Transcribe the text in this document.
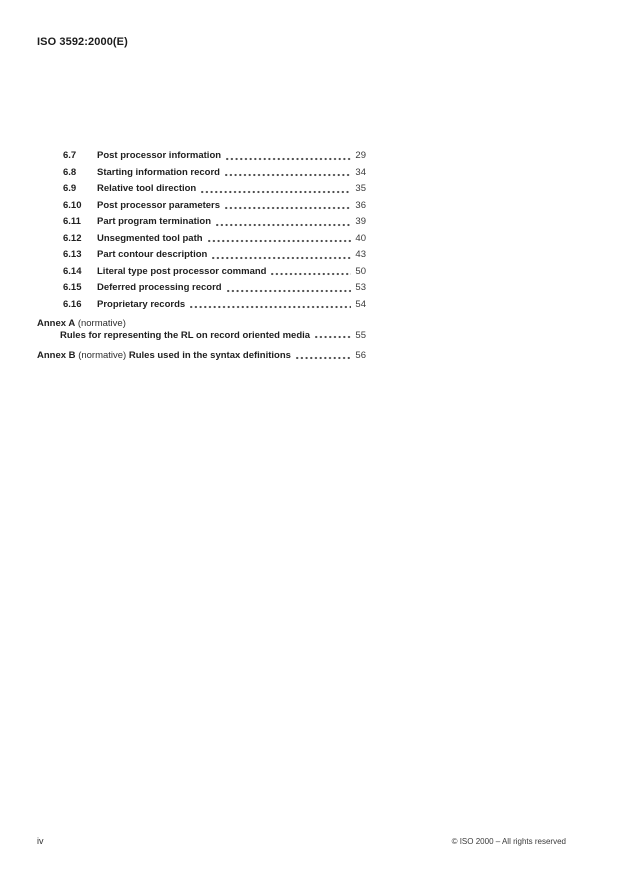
ISO 3592:2000(E)
6.7	Post processor information	29
6.8	Starting information record	34
6.9	Relative tool direction	35
6.10	Post processor parameters	36
6.11	Part program termination	39
6.12	Unsegmented tool path	40
6.13	Part contour description	43
6.14	Literal type post processor command	50
6.15	Deferred processing record	53
6.16	Proprietary records	54
Annex A (normative)
Rules for representing the RL on record oriented media	55
Annex B (normative) Rules used in the syntax definitions	56
iv	© ISO 2000 – All rights reserved
